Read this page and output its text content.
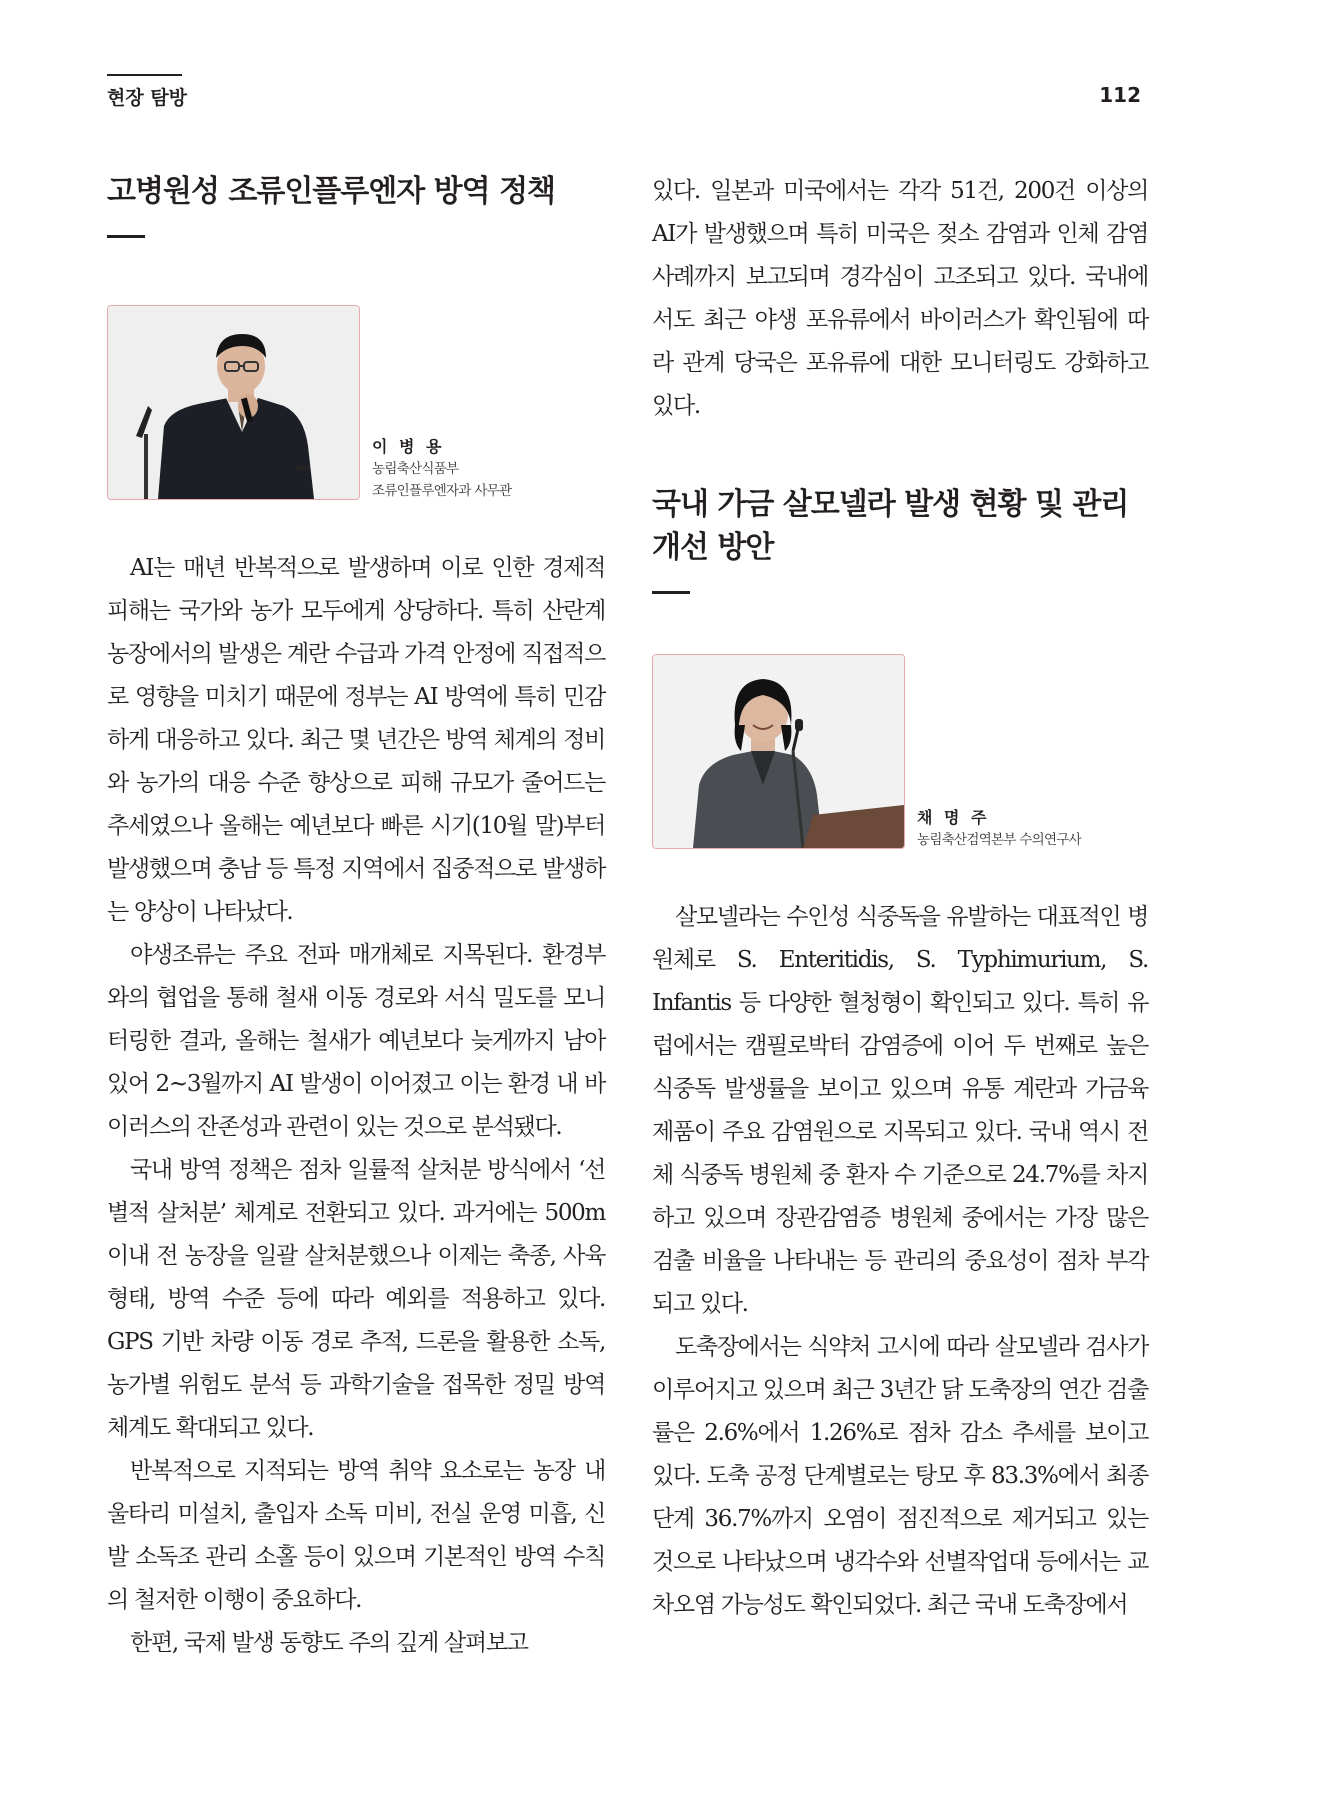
현장 탐방	112
고병원성 조류인플루엔자 방역 정책
이 병 용
농림축산식품부
조류인플루엔자과 사무관

AI는 매년 반복적으로 발생하며 이로 인한 경제적 피해는 국가와 농가 모두에게 상당하다. 특히 산란계 농장에서의 발생은 계란 수급과 가격 안정에 직접적으로 영향을 미치기 때문에 정부는 AI 방역에 특히 민감하게 대응하고 있다. 최근 몇 년간은 방역 체계의 정비와 농가의 대응 수준 향상으로 피해 규모가 줄어드는 추세였으나 올해는 예년보다 빠른 시기(10월 말)부터 발생했으며 충남 등 특정 지역에서 집중적으로 발생하는 양상이 나타났다.

야생조류는 주요 전파 매개체로 지목된다. 환경부와의 협업을 통해 철새 이동 경로와 서식 밀도를 모니터링한 결과, 올해는 철새가 예년보다 늦게까지 남아 있어 2~3월까지 AI 발생이 이어졌고 이는 환경 내 바이러스의 잔존성과 관련이 있는 것으로 분석됐다.

국내 방역 정책은 점차 일률적 살처분 방식에서 ‘선별적 살처분’ 체계로 전환되고 있다. 과거에는 500m 이내 전 농장을 일괄 살처분했으나 이제는 축종, 사육 형태, 방역 수준 등에 따라 예외를 적용하고 있다. GPS 기반 차량 이동 경로 추적, 드론을 활용한 소독, 농가별 위험도 분석 등 과학기술을 접목한 정밀 방역 체계도 확대되고 있다.

반복적으로 지적되는 방역 취약 요소로는 농장 내 울타리 미설치, 출입자 소독 미비, 전실 운영 미흡, 신발 소독조 관리 소홀 등이 있으며 기본적인 방역 수칙의 철저한 이행이 중요하다.

한편, 국제 발생 동향도 주의 깊게 살펴보고

있다. 일본과 미국에서는 각각 51건, 200건 이상의 AI가 발생했으며 특히 미국은 젖소 감염과 인체 감염 사례까지 보고되며 경각심이 고조되고 있다. 국내에서도 최근 야생 포유류에서 바이러스가 확인됨에 따라 관계 당국은 포유류에 대한 모니터링도 강화하고 있다.

국내 가금 살모넬라 발생 현황 및 관리
개선 방안
채 명 주
농림축산검역본부 수의연구사

살모넬라는 수인성 식중독을 유발하는 대표적인 병원체로 S. Enteritidis, S. Typhimurium, S. Infantis 등 다양한 혈청형이 확인되고 있다. 특히 유럽에서는 캠필로박터 감염증에 이어 두 번째로 높은 식중독 발생률을 보이고 있으며 유통 계란과 가금육 제품이 주요 감염원으로 지목되고 있다. 국내 역시 전체 식중독 병원체 중 환자 수 기준으로 24.7%를 차지하고 있으며 장관감염증 병원체 중에서는 가장 많은 검출 비율을 나타내는 등 관리의 중요성이 점차 부각되고 있다.

도축장에서는 식약처 고시에 따라 살모넬라 검사가 이루어지고 있으며 최근 3년간 닭 도축장의 연간 검출률은 2.6%에서 1.26%로 점차 감소 추세를 보이고 있다. 도축 공정 단계별로는 탕모 후 83.3%에서 최종 단계 36.7%까지 오염이 점진적으로 제거되고 있는 것으로 나타났으며 냉각수와 선별작업대 등에서는 교차오염 가능성도 확인되었다. 최근 국내 도축장에서
